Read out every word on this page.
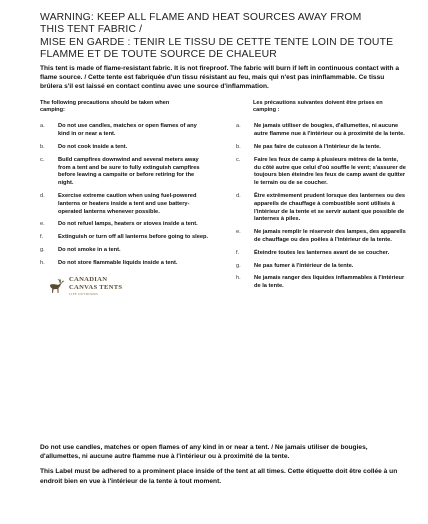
WARNING: KEEP ALL FLAME AND HEAT SOURCES AWAY FROM
THIS TENT FABRIC /
MISE EN GARDE : TENIR LE TISSU DE CETTE TENTE LOIN DE TOUTE
FLAMME ET DE TOUTE SOURCE DE CHALEUR
This tent is made of flame-resistant fabric. It is not fireproof. The fabric will burn if left in continuous contact with a flame source. / Cette tente est fabriquée d'un tissu résistant au feu, mais qui n'est pas ininflammable. Ce tissu brûlera s'il est laissé en contact continu avec une source d'inflammation.
The following precautions should be taken when camping:
a.	Do not use candles, matches or open flames of any kind in or near a tent.
b.	Do not cook inside a tent.
c.	Build campfires downwind and several meters away from a tent and be sure to fully extinguish campfires before leaving a campsite or before retiring for the night.
d.	Exercise extreme caution when using fuel-powered lanterns or heaters inside a tent and use battery-operated lanterns whenever possible.
e.	Do not refuel lamps, heaters or stoves inside a tent.
f.	Extinguish or turn off all lanterns before going to sleep.
g.	Do not smoke in a tent.
h.	Do not store flammable liquids inside a tent.
CANADIAN
CANVAS TENTS
LIFE OUTDOORS
Les précautions suivantes doivent être prises en camping :
a.	Ne jamais utiliser de bougies, d'allumettes, ni aucune autre flamme nue à l'intérieur ou à proximité de la tente.
b.	Ne pas faire de cuisson à l'intérieur de la tente.
c.	Faire les feux de camp à plusieurs mètres de la tente, du côté autre que celui d'où souffle le vent; s'assurer de toujours bien éteindre les feux de camp avant de quitter le terrain ou de se coucher.
d.	Être extrêmement prudent lorsque des lanternes ou des appareils de chauffage à combustible sont utilisés à l'intérieur de la tente et se servir autant que possible de lanternes à piles.
e.	Ne jamais remplir le réservoir des lampes, des appareils de chauffage ou des poêles à l'intérieur de la tente.
f.	Éteindre toutes les lanternes avant de se coucher.
g.	Ne pas fumer à l'intérieur de la tente.
h.	Ne jamais ranger des liquides inflammables à l'intérieur de la tente.

Do not use candles, matches or open flames of any kind in or near a tent. / Ne jamais utiliser de bougies, d'allumettes, ni aucune autre flamme nue à l'intérieur ou à proximité de la tente.

This Label must be adhered to a prominent place inside of the tent at all times. Cette étiquette doit être collée à un endroit bien en vue à l'intérieur de la tente à tout moment.
